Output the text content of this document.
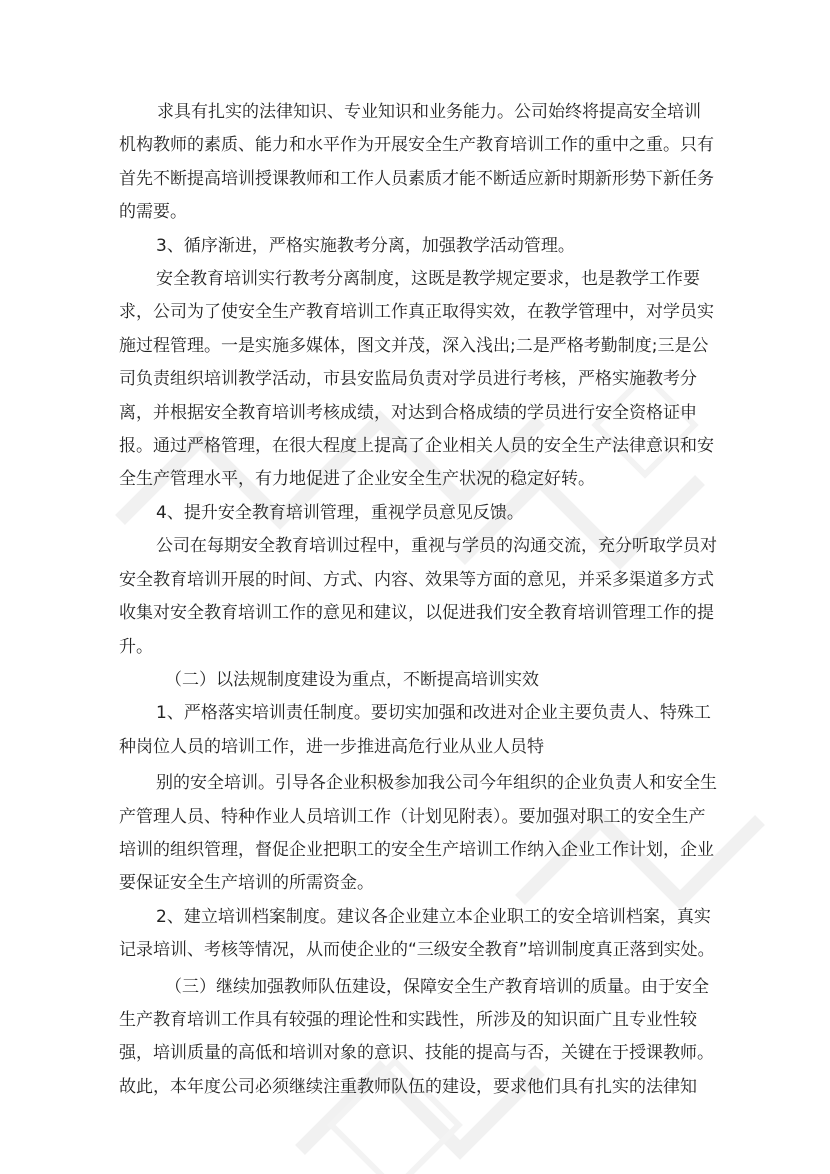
求具有扎实的法律知识、专业知识和业务能力。公司始终将提高安全培训机构教师的素质、能力和水平作为开展安全生产教育培训工作的重中之重。只有首先不断提高培训授课教师和工作人员素质才能不断适应新时期新形势下新任务的需要。

3、循序渐进，严格实施教考分离，加强教学活动管理。

安全教育培训实行教考分离制度，这既是教学规定要求，也是教学工作要求，公司为了使安全生产教育培训工作真正取得实效，在教学管理中，对学员实施过程管理。一是实施多媒体，图文并茂，深入浅出;二是严格考勤制度;三是公司负责组织培训教学活动，市县安监局负责对学员进行考核，严格实施教考分离，并根据安全教育培训考核成绩，对达到合格成绩的学员进行安全资格证申报。通过严格管理，在很大程度上提高了企业相关人员的安全生产法律意识和安全生产管理水平，有力地促进了企业安全生产状况的稳定好转。

4、提升安全教育培训管理，重视学员意见反馈。

公司在每期安全教育培训过程中，重视与学员的沟通交流，充分听取学员对安全教育培训开展的时间、方式、内容、效果等方面的意见，并采多渠道多方式收集对安全教育培训工作的意见和建议，以促进我们安全教育培训管理工作的提升。

（二）以法规制度建设为重点，不断提高培训实效

1、严格落实培训责任制度。要切实加强和改进对企业主要负责人、特殊工种岗位人员的培训工作，进一步推进高危行业从业人员特

别的安全培训。引导各企业积极参加我公司今年组织的企业负责人和安全生产管理人员、特种作业人员培训工作（计划见附表）。要加强对职工的安全生产培训的组织管理，督促企业把职工的安全生产培训工作纳入企业工作计划，企业要保证安全生产培训的所需资金。

2、建立培训档案制度。建议各企业建立本企业职工的安全培训档案，真实记录培训、考核等情况，从而使企业的“三级安全教育”培训制度真正落到实处。

（三）继续加强教师队伍建设，保障安全生产教育培训的质量。由于安全生产教育培训工作具有较强的理论性和实践性，所涉及的知识面广且专业性较强，培训质量的高低和培训对象的意识、技能的提高与否，关键在于授课教师。故此，本年度公司必须继续注重教师队伍的建设，要求他们具有扎实的法律知
